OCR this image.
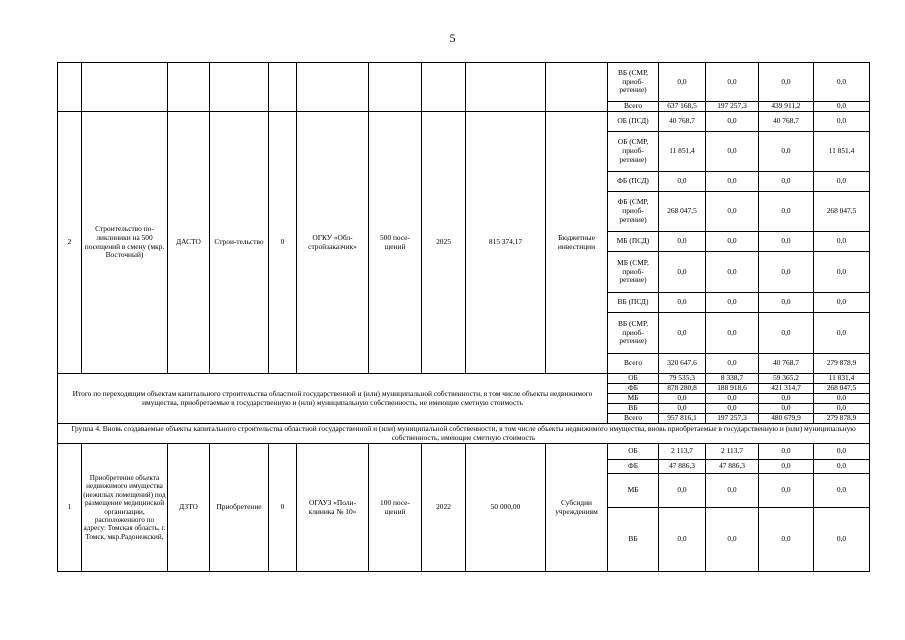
5
										ВБ (СМР, приоб-ретение)	0,0	0,0	0,0	0,0
										Всего	637 168,5	197 257,3	439 911,2	0,0
2	Строительство по-ликлиники на 500 посещений в смену (мкр. Восточный)	ДАСТО	Строи-тельство	0	ОГКУ «Обл-стройзаказчик»	500 посе-щений	2025	815 374,17	Бюджетные инвестиции	ОБ (ПСД)	40 768,7	0,0	40 768,7	0,0
										ОБ (СМР, приоб-ретение)	11 851,4	0,0	0,0	11 851,4
										ФБ (ПСД)	0,0	0,0	0,0	0,0
										ФБ (СМР, приоб-ретение)	268 047,5	0,0	0,0	268 047,5
										МБ (ПСД)	0,0	0,0	0,0	0,0
										МБ (СМР, приоб-ретение)	0,0	0,0	0,0	0,0
										ВБ (ПСД)	0,0	0,0	0,0	0,0
										ВБ (СМР, приоб-ретение)	0,0	0,0	0,0	0,0
										Всего	320 647,6	0,0	40 768,7	279 878,9
Итого по переходящим объектам капитального строительства областной государственной и (или) муниципальной собственности, в том числе объекты недвижимого имущества, приобретаемые в государственную и (или) муниципальную собственность, не имеющие сметную стоимость										ОБ	79 535,3	8 338,7	59 365,2	11 831,4
										ФБ	878 280,8	188 918,6	421 314,7	268 047,5
										МБ	0,0	0,0	0,0	0,0
										ВБ	0,0	0,0	0,0	0,0
										Всего	957 816,1	197 257,3	480 679,9	279 878,9
Группа 4. Вновь создаваемые объекты капитального строительства областной государственной и (или) муниципальной собственности, в том числе объекты недвижимого имущества, вновь приобретаемые в государственную и (или) муниципальную собственность, имеющие сметную стоимость														
1	Приобретение объекта недвижимого имущества (нежилых помещений) под размещение медицинской организации, расположенного по адресу: Томская область, г. Томск, мкр.Радонежский,	ДЗТО	Приобретение	0	ОГАУЗ «Поли-клиника № 10»	100 посе-щений	2022	50 000,00	Субсидии учреждениям	ОБ	2 113,7	2 113,7	0,0	0,0
										ФБ	47 886,3	47 886,3	0,0	0,0
										МБ	0,0	0,0	0,0	0,0
										ВБ	0,0	0,0	0,0	0,0
